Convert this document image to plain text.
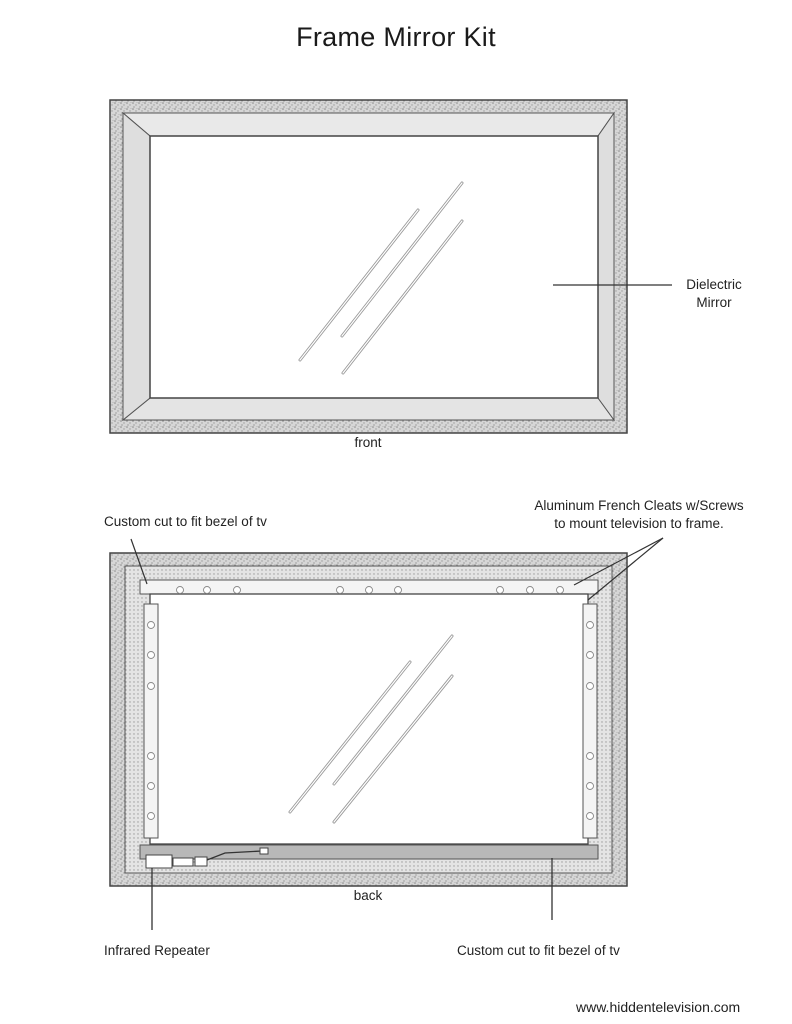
Frame Mirror Kit
front
Dielectric
Mirror
Custom cut to fit bezel of tv
Aluminum French Cleats w/Screws
to mount television to frame.
back
Infrared Repeater	Custom cut to fit bezel of tv
www.hiddentelevision.com
